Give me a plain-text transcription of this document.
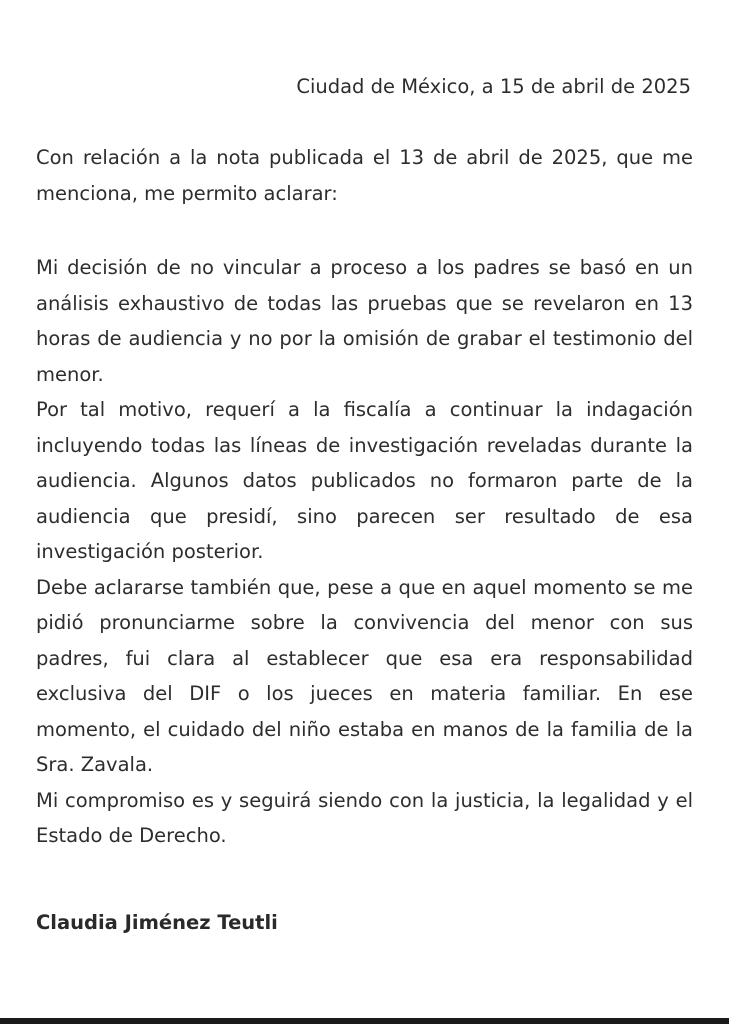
Ciudad de México, a 15 de abril de 2025

Con relación a la nota publicada el 13 de abril de 2025, que me menciona, me permito aclarar:

Mi decisión de no vincular a proceso a los padres se basó en un análisis exhaustivo de todas las pruebas que se revelaron en 13 horas de audiencia y no por la omisión de grabar el testimonio del menor.

Por tal motivo, requerí a la fiscalía a continuar la indagación incluyendo todas las líneas de investigación reveladas durante la audiencia. Algunos datos publicados no formaron parte de la audiencia que presidí, sino parecen ser resultado de esa investigación posterior.

Debe aclararse también que, pese a que en aquel momento se me pidió pronunciarme sobre la convivencia del menor con sus padres, fui clara al establecer que esa era responsabilidad exclusiva del DIF o los jueces en materia familiar. En ese momento, el cuidado del niño estaba en manos de la familia de la Sra. Zavala.

Mi compromiso es y seguirá siendo con la justicia, la legalidad y el Estado de Derecho.

Claudia Jiménez Teutli
